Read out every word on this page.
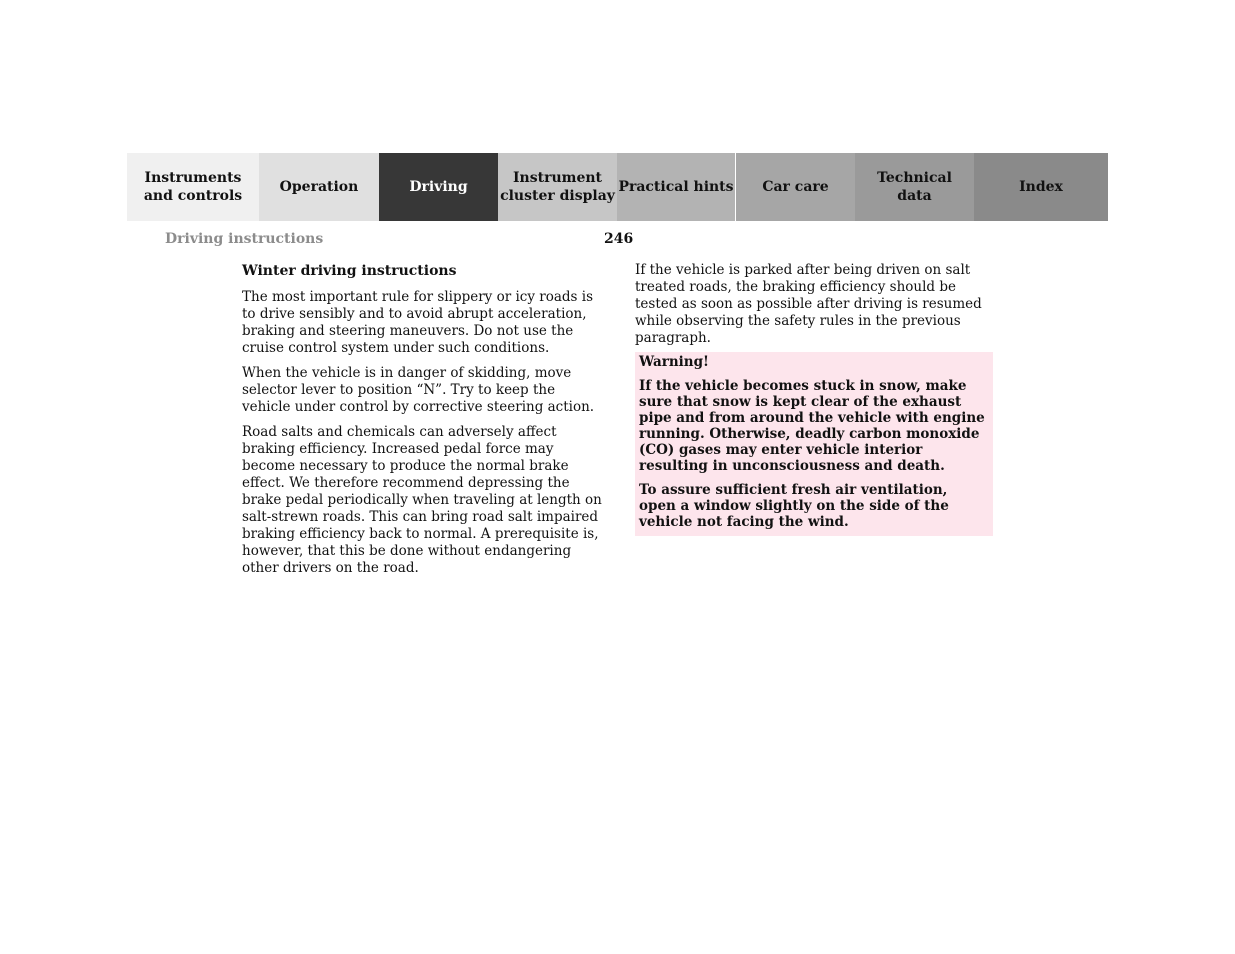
Instruments
and controls
Operation	Driving
Instrument
cluster display
Practical hints	Car care
Technical
data
Index
Driving instructions	246
Winter driving instructions

The most important rule for slippery or icy roads is to drive sensibly and to avoid abrupt acceleration, braking and steering maneuvers. Do not use the cruise control system under such conditions.

When the vehicle is in danger of skidding, move selector lever to position “N”. Try to keep the vehicle under control by corrective steering action.

Road salts and chemicals can adversely affect braking efficiency. Increased pedal force may become necessary to produce the normal brake effect. We therefore recommend depressing the brake pedal periodically when traveling at length on salt-strewn roads. This can bring road salt impaired braking efficiency back to normal. A prerequisite is, however, that this be done without endangering other drivers on the road.

If the vehicle is parked after being driven on salt treated roads, the braking efficiency should be tested as soon as possible after driving is resumed while observing the safety rules in the previous paragraph.

Warning!

If the vehicle becomes stuck in snow, make sure that snow is kept clear of the exhaust pipe and from around the vehicle with engine running. Otherwise, deadly carbon monoxide (CO) gases may enter vehicle interior resulting in unconsciousness and death.

To assure sufficient fresh air ventilation, open a window slightly on the side of the vehicle not facing the wind.
